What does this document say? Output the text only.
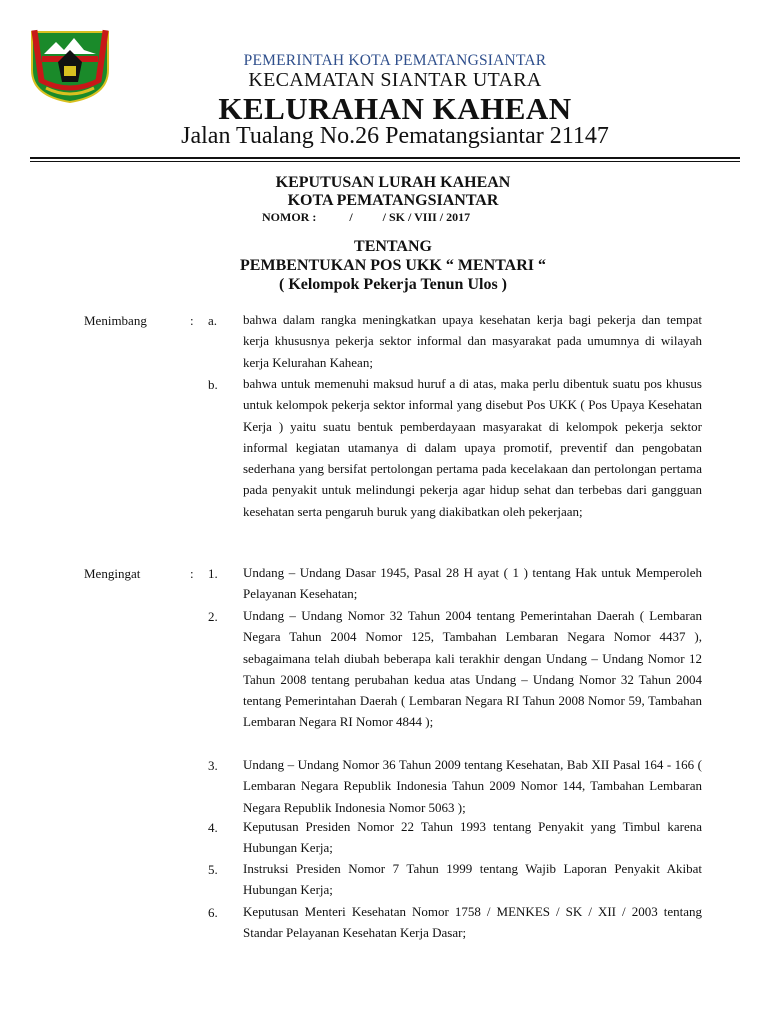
PEMERINTAH KOTA PEMATANGSIANTAR
KECAMATAN SIANTAR UTARA
KELURAHAN KAHEAN
Jalan Tualang No.26 Pematangsiantar 21147
KEPUTUSAN LURAH KAHEAN
KOTA PEMATANGSIANTAR
NOMOR :           /          / SK / VIII / 2017
TENTANG
PEMBENTUKAN POS UKK “ MENTARI “
( Kelompok Pekerja Tenun Ulos )
Menimbang	: a. bahwa dalam rangka meningkatkan upaya kesehatan kerja bagi pekerja dan tempat kerja khususnya pekerja sektor informal dan masyarakat pada umumnya di wilayah kerja Kelurahan Kahean;
b. bahwa untuk memenuhi maksud huruf a di atas, maka perlu dibentuk suatu pos khusus untuk kelompok pekerja sektor informal yang disebut Pos UKK ( Pos Upaya Kesehatan Kerja ) yaitu suatu bentuk pemberdayaan masyarakat di kelompok pekerja sektor informal kegiatan utamanya di dalam upaya promotif, preventif dan pengobatan sederhana yang bersifat pertolongan pertama pada kecelakaan dan pertolongan pertama pada penyakit untuk melindungi pekerja agar hidup sehat dan terbebas dari gangguan kesehatan serta pengaruh buruk yang diakibatkan oleh pekerjaan;
Mengingat	: 1. Undang – Undang Dasar 1945, Pasal 28 H ayat ( 1 ) tentang Hak untuk Memperoleh Pelayanan Kesehatan;
2. Undang – Undang Nomor 32 Tahun 2004 tentang Pemerintahan Daerah ( Lembaran Negara Tahun 2004 Nomor 125, Tambahan Lembaran Negara Nomor 4437 ), sebagaimana telah diubah beberapa kali terakhir dengan Undang – Undang Nomor 12 Tahun 2008 tentang perubahan kedua atas Undang – Undang Nomor 32 Tahun 2004 tentang Pemerintahan Daerah ( Lembaran Negara RI Tahun 2008 Nomor 59, Tambahan Lembaran Negara RI Nomor 4844 );
3. Undang – Undang Nomor 36 Tahun 2009 tentang Kesehatan, Bab XII Pasal 164 - 166 ( Lembaran Negara Republik Indonesia Tahun 2009 Nomor 144, Tambahan Lembaran Negara Republik Indonesia Nomor 5063 );
4. Keputusan Presiden Nomor 22 Tahun 1993 tentang Penyakit yang Timbul karena Hubungan Kerja;
5. Instruksi Presiden Nomor 7 Tahun 1999 tentang Wajib Laporan Penyakit Akibat Hubungan Kerja;
6. Keputusan Menteri Kesehatan Nomor 1758 / MENKES / SK / XII / 2003 tentang Standar Pelayanan Kesehatan Kerja Dasar;
